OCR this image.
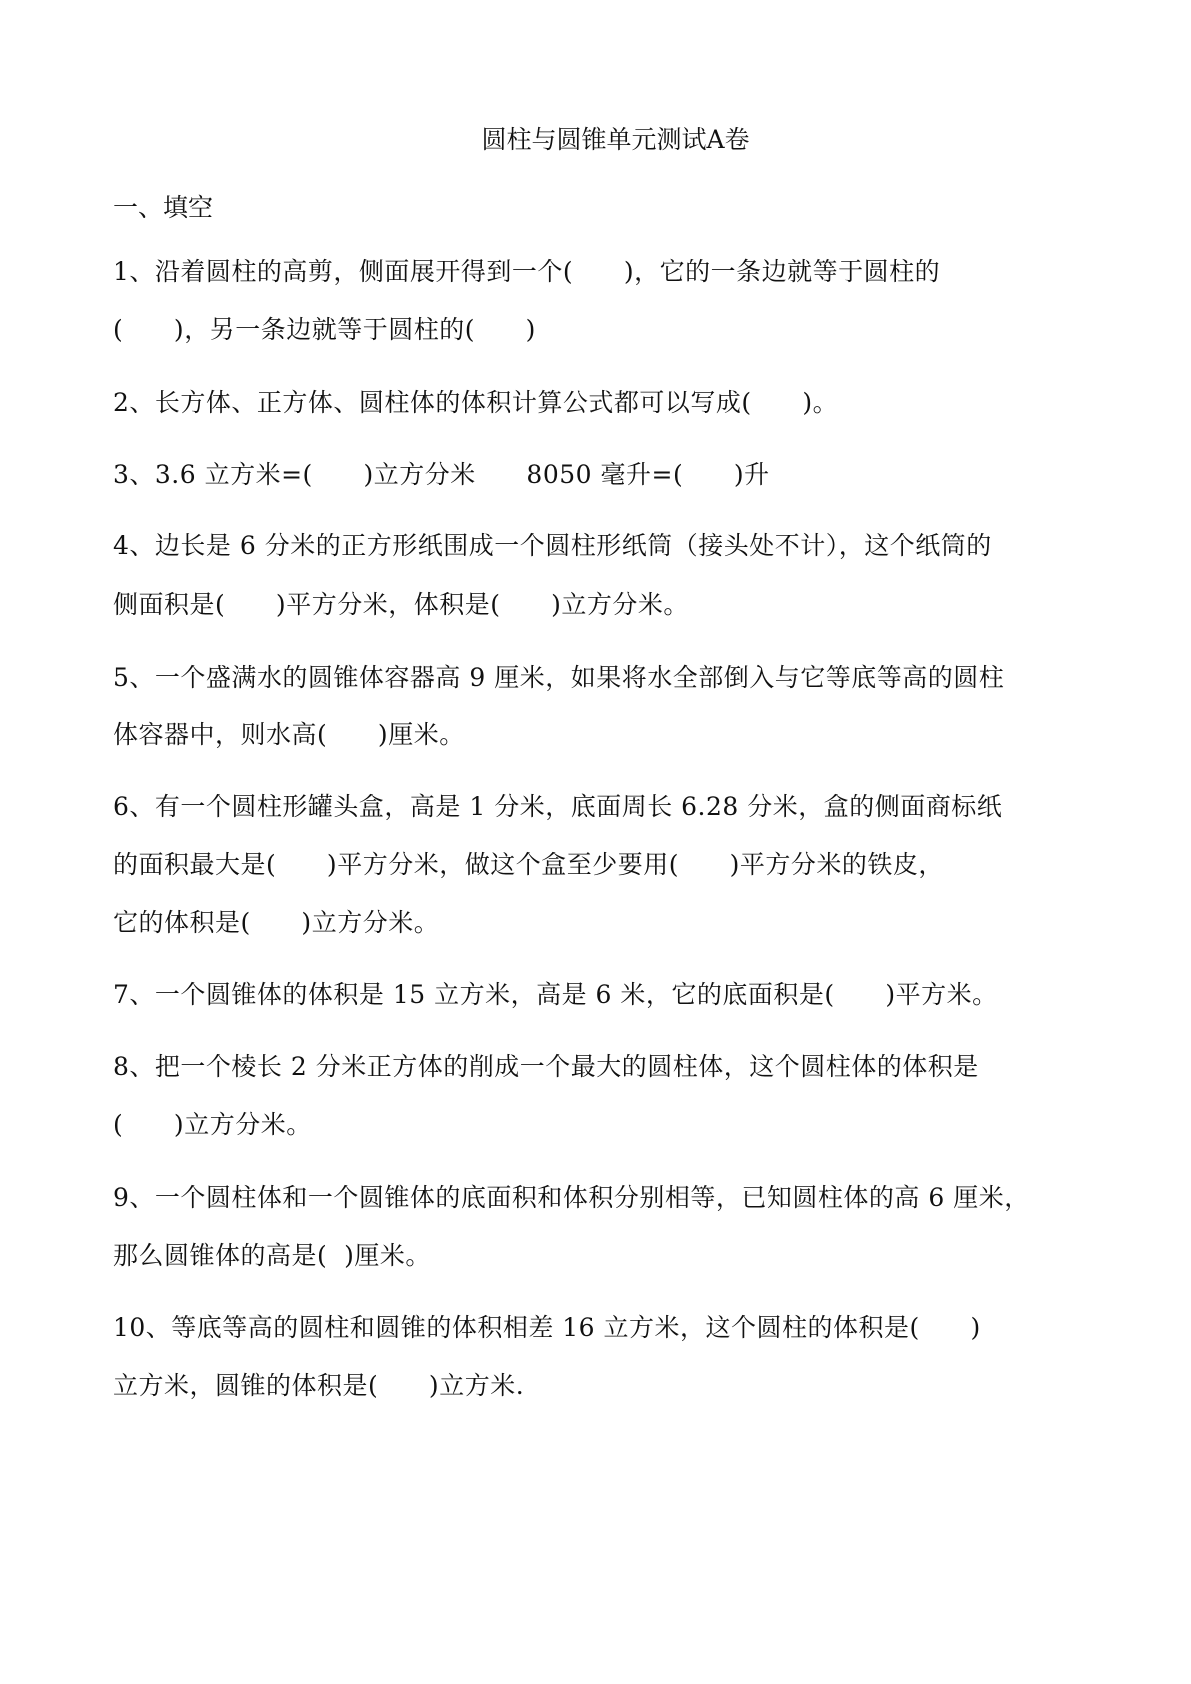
圆柱与圆锥单元测试A卷
一、填空
1、沿着圆柱的高剪，侧面展开得到一个(      )，它的一条边就等于圆柱的
(      )，另一条边就等于圆柱的(      )
2、长方体、正方体、圆柱体的体积计算公式都可以写成(      )。
3、3.6 立方米=(      )立方分米      8050 毫升=(      )升
4、边长是 6 分米的正方形纸围成一个圆柱形纸筒（接头处不计），这个纸筒的
侧面积是(      )平方分米，体积是(      )立方分米。
5、一个盛满水的圆锥体容器高 9 厘米，如果将水全部倒入与它等底等高的圆柱
体容器中，则水高(      )厘米。
6、有一个圆柱形罐头盒，高是 1 分米，底面周长 6.28 分米，盒的侧面商标纸
的面积最大是(      )平方分米，做这个盒至少要用(      )平方分米的铁皮，
它的体积是(      )立方分米。
7、一个圆锥体的体积是 15 立方米，高是 6 米，它的底面积是(      )平方米。
8、把一个棱长 2 分米正方体的削成一个最大的圆柱体，这个圆柱体的体积是
(      )立方分米。
9、一个圆柱体和一个圆锥体的底面积和体积分别相等，已知圆柱体的高 6 厘米，
那么圆锥体的高是(  )厘米。
10、等底等高的圆柱和圆锥的体积相差 16 立方米，这个圆柱的体积是(      )
立方米，圆锥的体积是(      )立方米.
